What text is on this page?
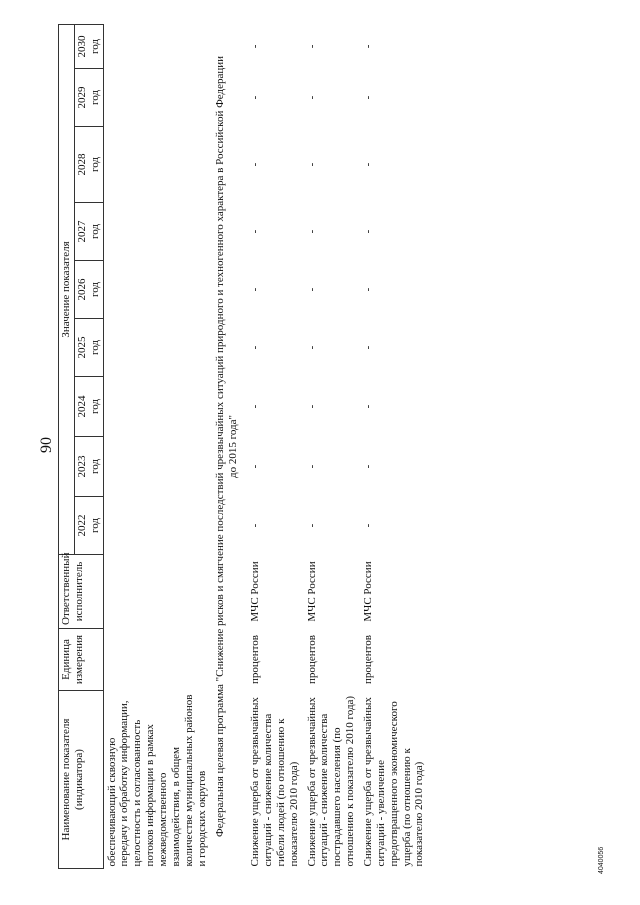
90
Наименование показателя (индикатора)	Единица измерения	Ответственный исполнитель	Значение показателя								

			2022 год	2023 год	2024 год	2025 год	2026 год	2027 год	2028 год	2029 год	2030 год

обеспечивающий сквозную передачу и обработку информации, целостность и согласованность потоков информации в рамках межведомственного взаимодействия, в общем количестве муниципальных районов и городских округов											
Федеральная целевая программа "Снижение рисков и смягчение последствий чрезвычайных ситуаций природного и техногенного характера в Российской Федерации до 2015 года"											
Снижение ущерба от чрезвычайных ситуаций - снижение количества гибели людей (по отношению к показателю 2010 года)	процентов	МЧС России	-	-	-	-	-	-	-	-	-
Снижение ущерба от чрезвычайных ситуаций - снижение количества пострадавшего населения (по отношению к показателю 2010 года)	процентов	МЧС России	-	-	-	-	-	-	-	-	-
Снижение ущерба от чрезвычайных ситуаций - увеличение предотвращенного экономического ущерба (по отношению к показателю 2010 года)	процентов	МЧС России	-	-	-	-	-	-	-	-	-
4040056
